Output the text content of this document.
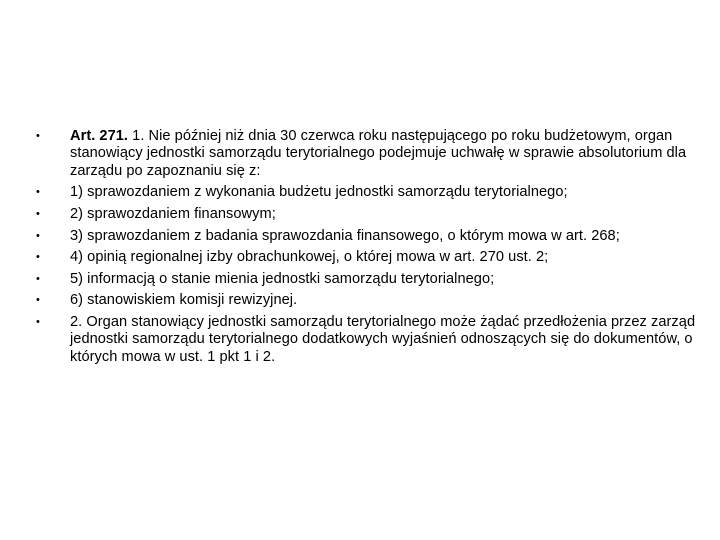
•	Art. 271. 1. Nie później niż dnia 30 czerwca roku następującego po roku budżetowym, organ stanowiący jednostki samorządu terytorialnego podejmuje uchwałę w sprawie absolutorium dla zarządu po zapoznaniu się z:
•	1) sprawozdaniem z wykonania budżetu jednostki samorządu terytorialnego;
•	2) sprawozdaniem finansowym;
•	3) sprawozdaniem z badania sprawozdania finansowego, o którym mowa w art. 268;
•	4) opinią regionalnej izby obrachunkowej, o której mowa w art. 270 ust. 2;
•	5) informacją o stanie mienia jednostki samorządu terytorialnego;
•	6) stanowiskiem komisji rewizyjnej.
•	2. Organ stanowiący jednostki samorządu terytorialnego może żądać przedłożenia przez zarząd jednostki samorządu terytorialnego dodatkowych wyjaśnień odnoszących się do dokumentów, o których mowa w ust. 1 pkt 1 i 2.
